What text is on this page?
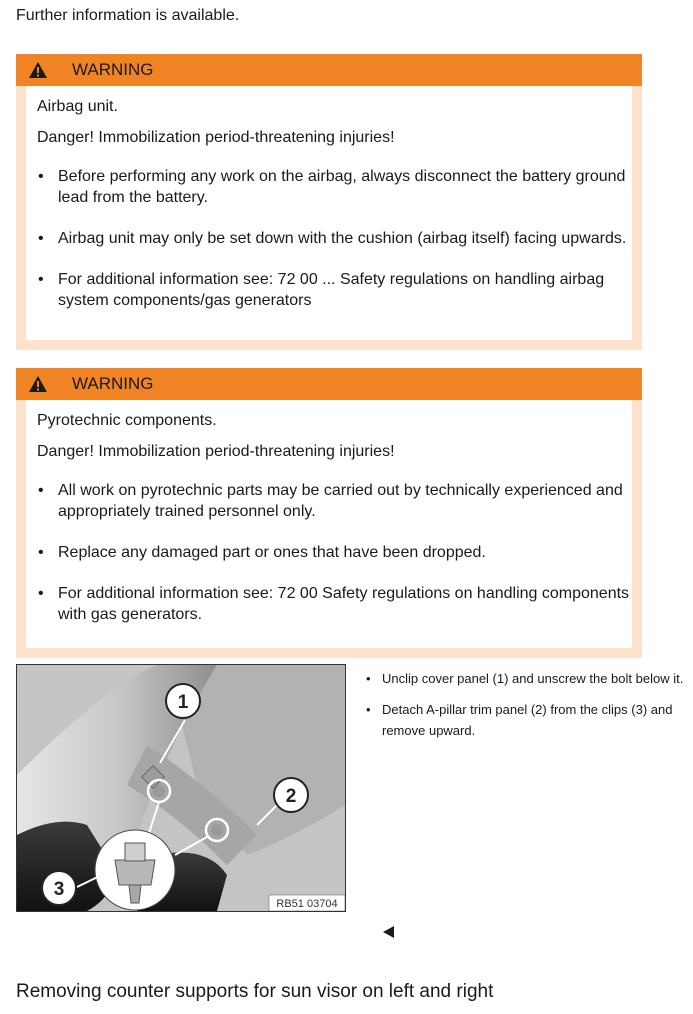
Further information is available.
WARNING

Airbag unit.

Danger! Immobilization period-threatening injuries!

• Before performing any work on the airbag, always disconnect the battery ground lead from the battery.
• Airbag unit may only be set down with the cushion (airbag itself) facing upwards.
• For additional information see: 72 00 ... Safety regulations on handling airbag system components/gas generators
WARNING

Pyrotechnic components.

Danger! Immobilization period-threatening injuries!

• All work on pyrotechnic parts may be carried out by technically experienced and appropriately trained personnel only.
• Replace any damaged part or ones that have been dropped.
• For additional information see: 72 00 Safety regulations on handling components with gas generators.
1
2
3
RB51 03704
• Unclip cover panel (1) and unscrew the bolt below it.
• Detach A-pillar trim panel (2) from the clips (3) and remove upward.
Removing counter supports for sun visor on left and right
